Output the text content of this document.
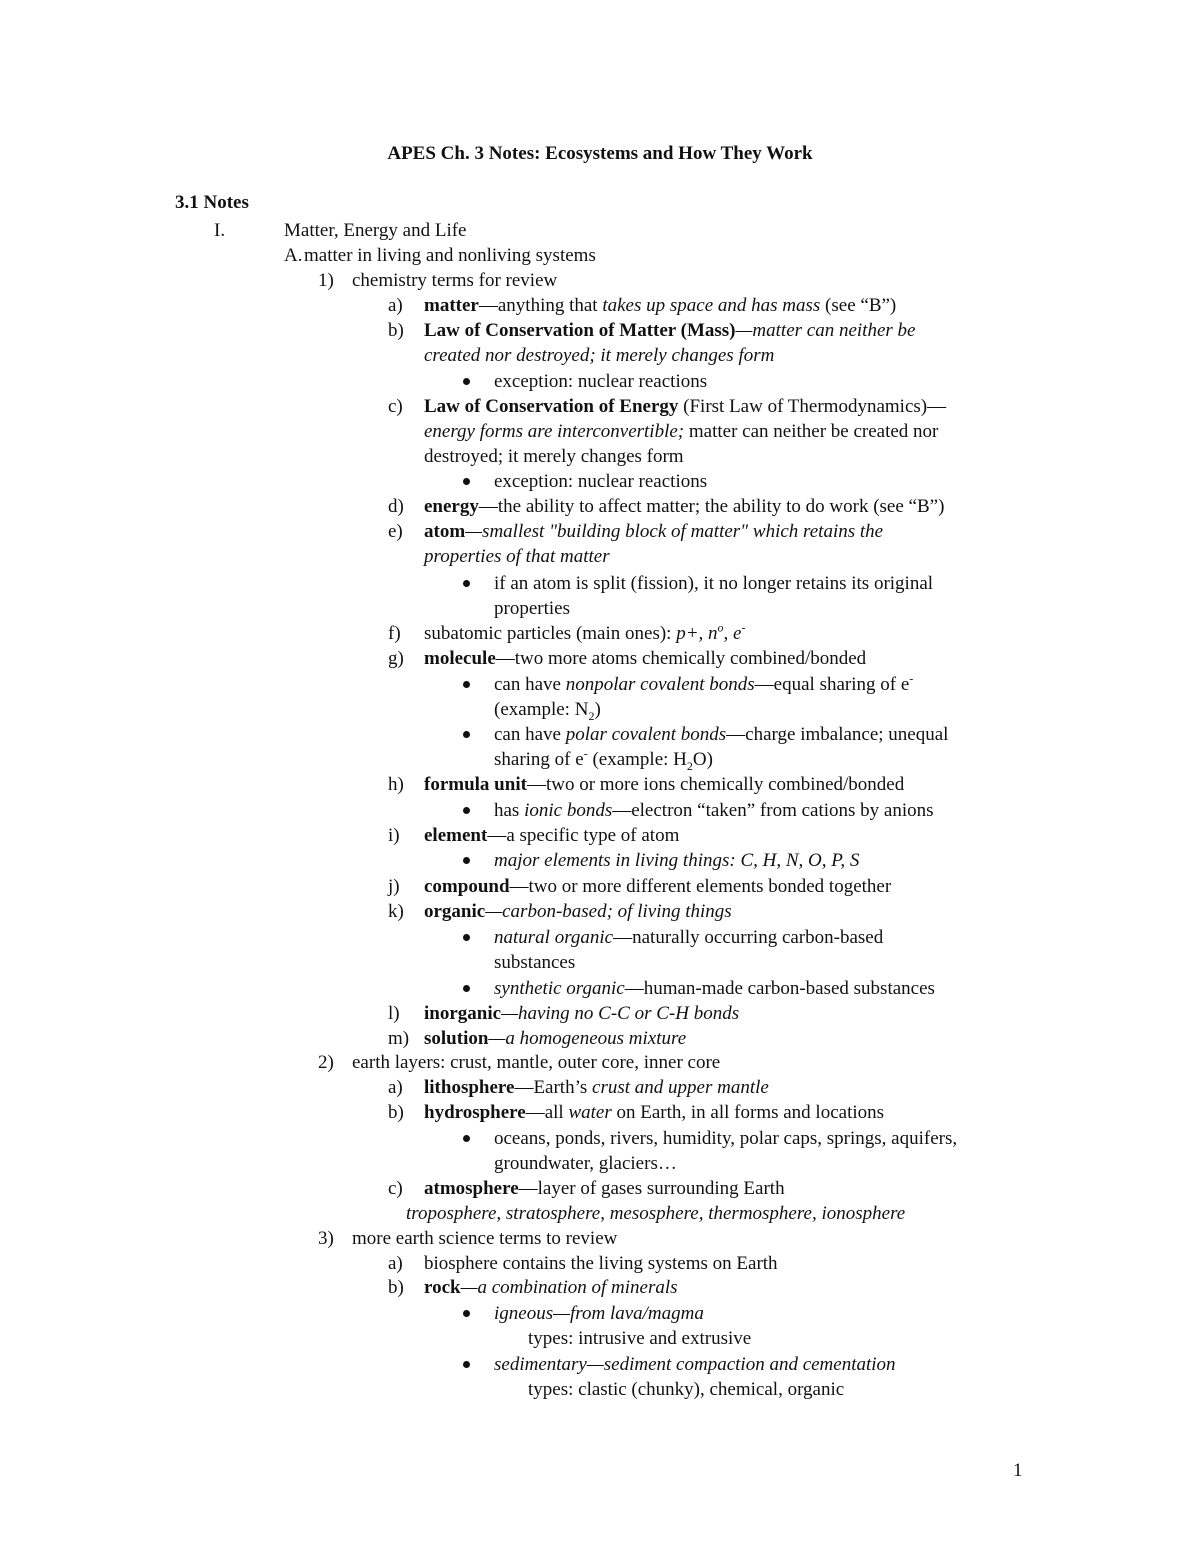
APES Ch. 3 Notes: Ecosystems and How They Work
3.1 Notes
I.	Matter, Energy and Life
A. matter in living and nonliving systems
1) chemistry terms for review
a) matter—anything that takes up space and has mass (see “B”)
b) Law of Conservation of Matter (Mass)—matter can neither be
created nor destroyed; it merely changes form
exception: nuclear reactions
c) Law of Conservation of Energy (First Law of Thermodynamics)—
energy forms are interconvertible; matter can neither be created nor
destroyed; it merely changes form
exception: nuclear reactions
d) energy—the ability to affect matter; the ability to do work (see “B”)
e) atom—smallest "building block of matter" which retains the
properties of that matter
if an atom is split (fission), it no longer retains its original
properties
f) subatomic particles (main ones): p+, $n^o$, e-
g) molecule—two more atoms chemically combined/bonded
can have nonpolar covalent bonds—equal sharing of e-
(example: $N_2$)
can have polar covalent bonds—charge imbalance; unequal
sharing of e- (example: $H_2O$)
h) formula unit—two or more ions chemically combined/bonded
has ionic bonds—electron “taken” from cations by anions
i) element—a specific type of atom
major elements in living things: C, H, N, O, P, S
j) compound—two or more different elements bonded together
k) organic—carbon-based; of living things
natural organic—naturally occurring carbon-based
substances
synthetic organic—human-made carbon-based substances
l) inorganic—having no C-C or C-H bonds
m) solution—a homogeneous mixture
2) earth layers: crust, mantle, outer core, inner core
a) lithosphere—Earth’s crust and upper mantle
b) hydrosphere—all water on Earth, in all forms and locations
oceans, ponds, rivers, humidity, polar caps, springs, aquifers,
groundwater, glaciers…
c) atmosphere—layer of gases surrounding Earth
troposphere, stratosphere, mesosphere, thermosphere, ionosphere
3) more earth science terms to review
a) biosphere contains the living systems on Earth
b) rock—a combination of minerals
igneous—from lava/magma
types: intrusive and extrusive
sedimentary—sediment compaction and cementation
types: clastic (chunky), chemical, organic
1
